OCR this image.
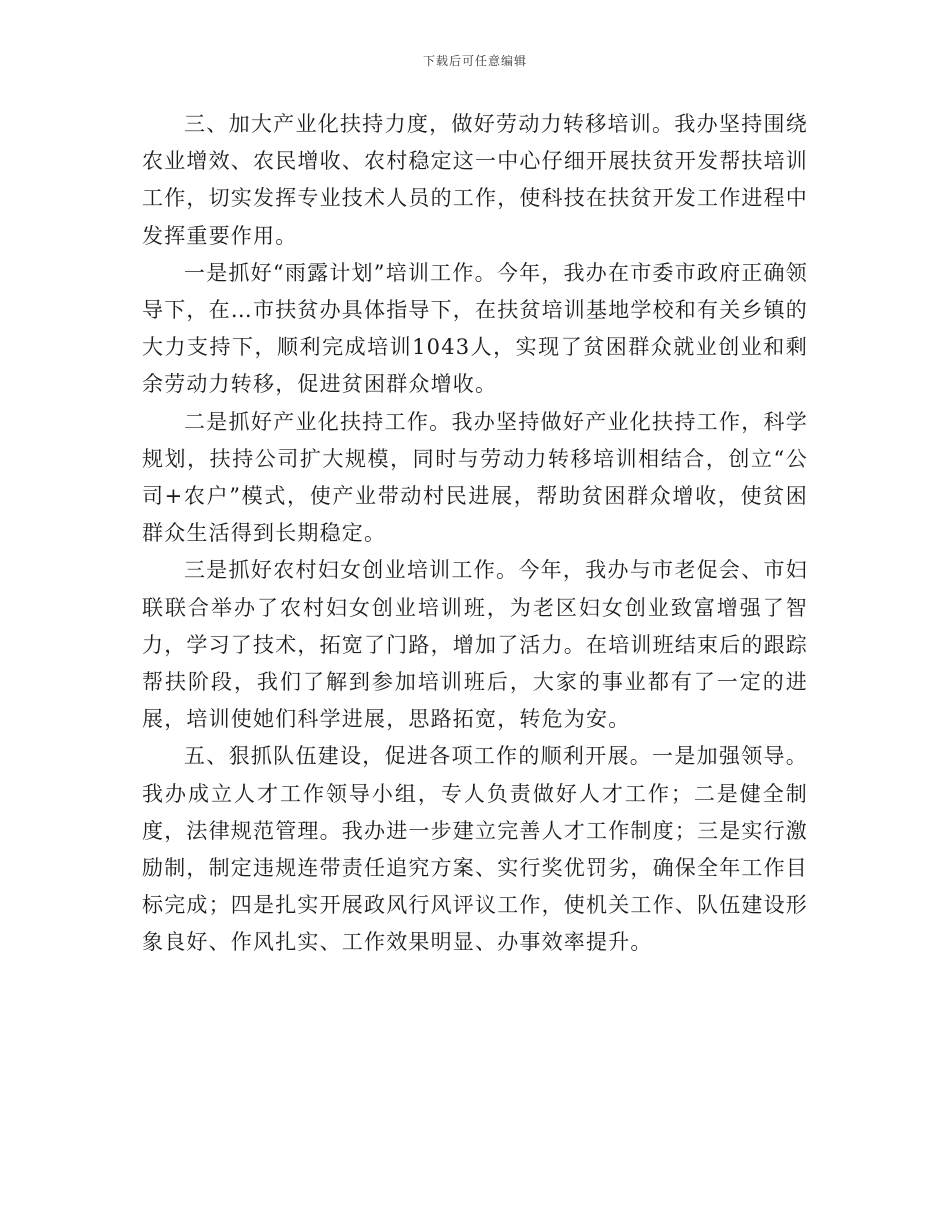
下载后可任意编辑

三、加大产业化扶持力度，做好劳动力转移培训。我办坚持围绕农业增效、农民增收、农村稳定这一中心仔细开展扶贫开发帮扶培训工作，切实发挥专业技术人员的工作，使科技在扶贫开发工作进程中发挥重要作用。

一是抓好“雨露计划”培训工作。今年，我办在市委市政府正确领导下，在…市扶贫办具体指导下，在扶贫培训基地学校和有关乡镇的大力支持下，顺利完成培训1043人，实现了贫困群众就业创业和剩余劳动力转移，促进贫困群众增收。

二是抓好产业化扶持工作。我办坚持做好产业化扶持工作，科学规划，扶持公司扩大规模，同时与劳动力转移培训相结合，创立“公司+农户”模式，使产业带动村民进展，帮助贫困群众增收，使贫困群众生活得到长期稳定。

三是抓好农村妇女创业培训工作。今年，我办与市老促会、市妇联联合举办了农村妇女创业培训班，为老区妇女创业致富增强了智力，学习了技术，拓宽了门路，增加了活力。在培训班结束后的跟踪帮扶阶段，我们了解到参加培训班后，大家的事业都有了一定的进展，培训使她们科学进展，思路拓宽，转危为安。

五、狠抓队伍建设，促进各项工作的顺利开展。一是加强领导。我办成立人才工作领导小组，专人负责做好人才工作；二是健全制度，法律规范管理。我办进一步建立完善人才工作制度；三是实行激励制，制定违规连带责任追究方案、实行奖优罚劣，确保全年工作目标完成；四是扎实开展政风行风评议工作，使机关工作、队伍建设形象良好、作风扎实、工作效果明显、办事效率提升。
